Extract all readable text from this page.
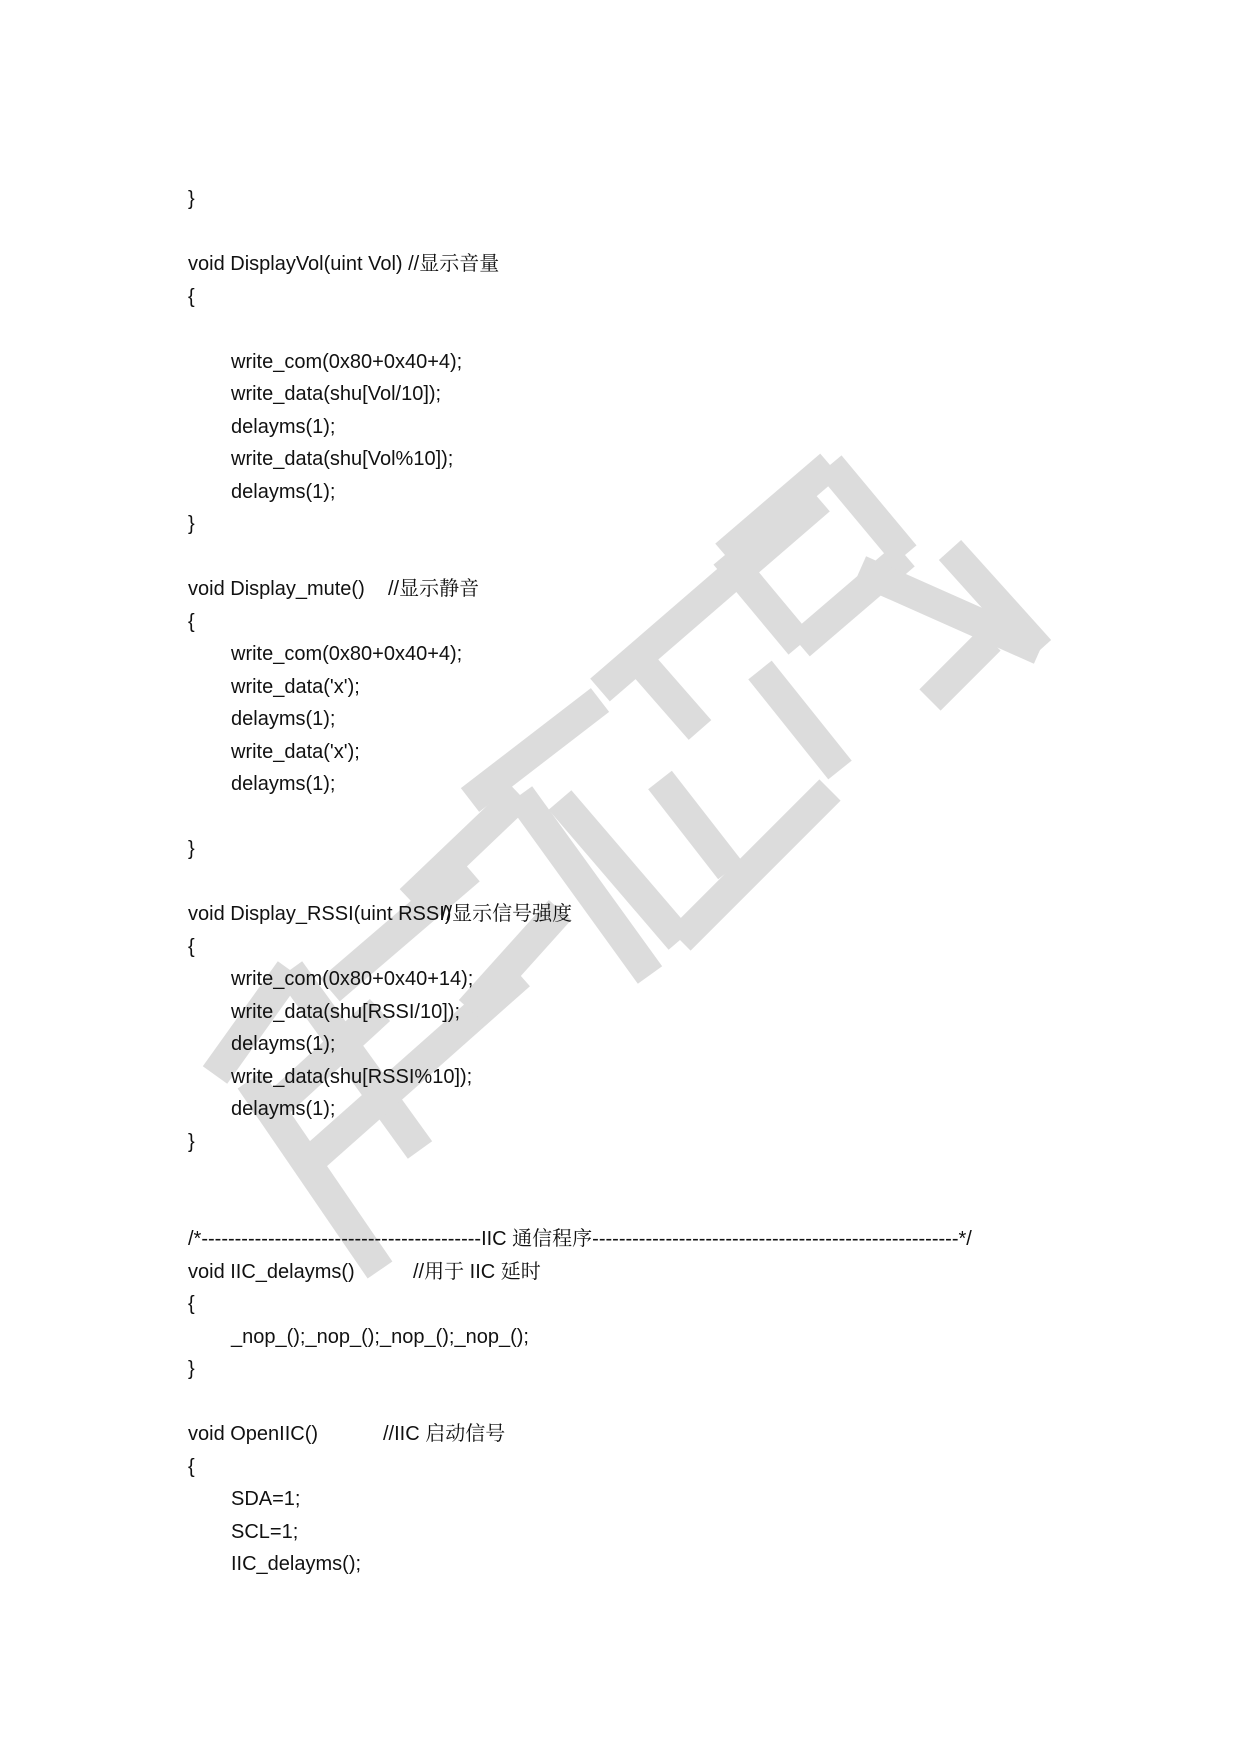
}
void DisplayVol(uint Vol) //显示音量
{
write_com(0x80+0x40+4);
write_data(shu[Vol/10]);
delayms(1);
write_data(shu[Vol%10]);
delayms(1);
}
void Display_mute() //显示静音
{
write_com(0x80+0x40+4);
write_data('x');
delayms(1);
write_data('x');
delayms(1);
}
void Display_RSSI(uint RSSI)
//显示信号强度
{
write_com(0x80+0x40+14);
write_data(shu[RSSI/10]);
delayms(1);
write_data(shu[RSSI%10]);
delayms(1);
}
/*------------------------------------------IIC 通信程序-------------------------------------------------------*/
void IIC_delayms()	//用于 IIC 延时
{
_nop_();_nop_();_nop_();_nop_();
}
void OpenIIC()	//IIC 启动信号
{
SDA=1;
SCL=1;
IIC_delayms();
